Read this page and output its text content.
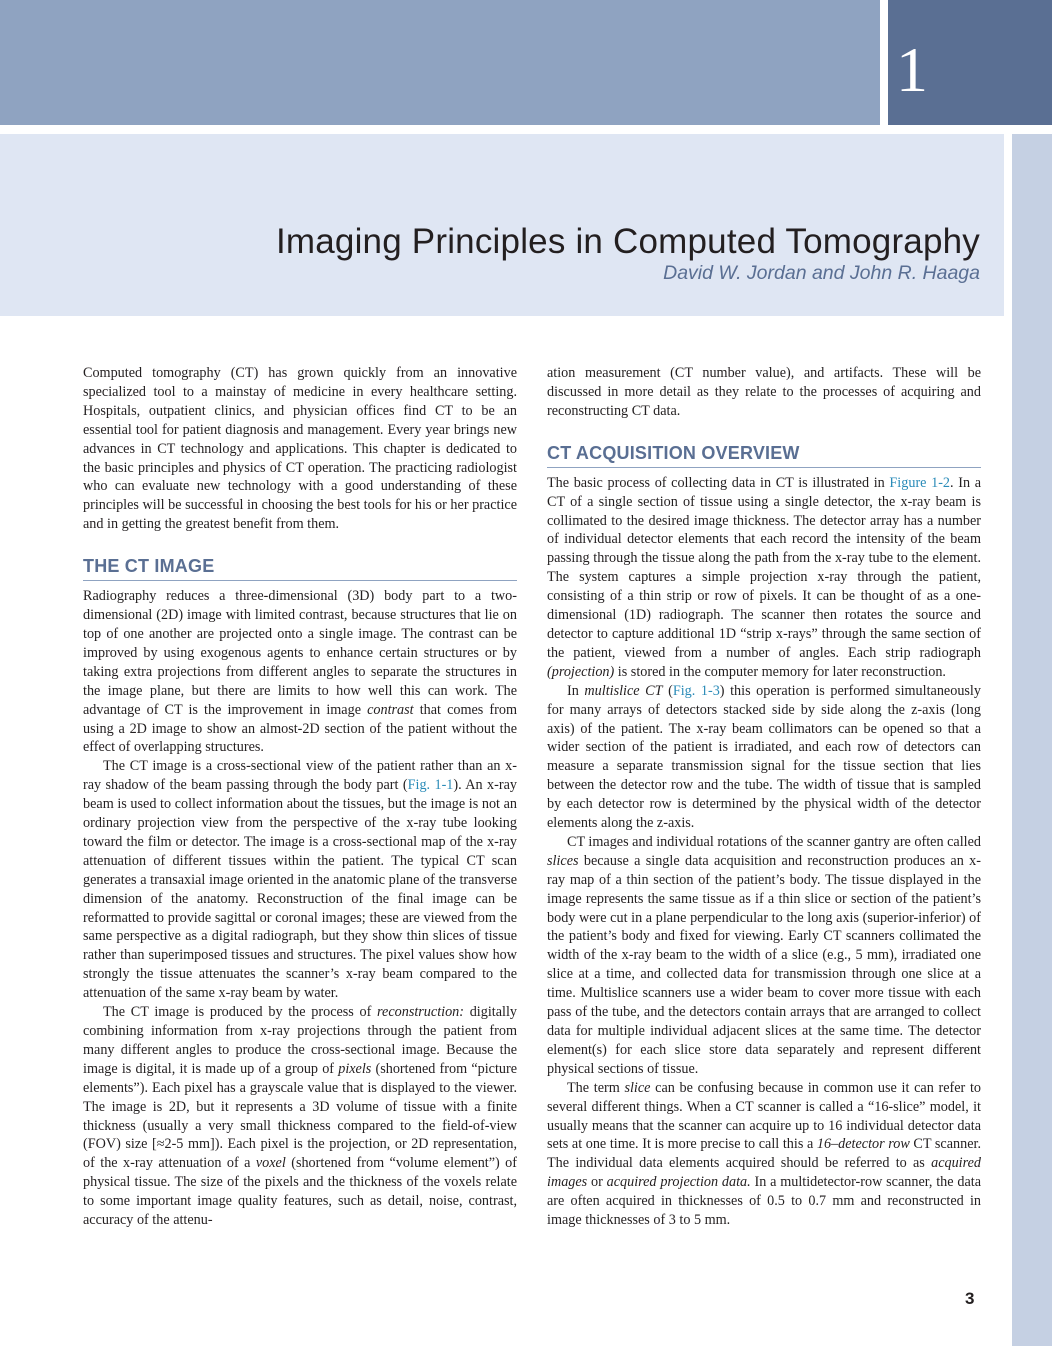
1
Imaging Principles in Computed Tomography
David W. Jordan and John R. Haaga

Computed tomography (CT) has grown quickly from an innovative specialized tool to a mainstay of medicine in every healthcare setting. Hospitals, outpatient clinics, and physician offices find CT to be an essential tool for patient diagnosis and management. Every year brings new advances in CT technology and applications. This chapter is dedicated to the basic principles and physics of CT operation. The practicing radiologist who can evaluate new technology with a good understanding of these principles will be successful in choosing the best tools for his or her practice and in getting the greatest benefit from them.

THE CT IMAGE

Radiography reduces a three-dimensional (3D) body part to a two-dimensional (2D) image with limited contrast, because structures that lie on top of one another are projected onto a single image. The contrast can be improved by using exogenous agents to enhance certain structures or by taking extra projections from different angles to separate the structures in the image plane, but there are limits to how well this can work. The advantage of CT is the improvement in image contrast that comes from using a 2D image to show an almost-2D section of the patient without the effect of overlapping structures.

The CT image is a cross-sectional view of the patient rather than an x-ray shadow of the beam passing through the body part (Fig. 1-1). An x-ray beam is used to collect information about the tissues, but the image is not an ordinary projection view from the perspective of the x-ray tube looking toward the film or detector. The image is a cross-sectional map of the x-ray attenuation of different tissues within the patient. The typical CT scan generates a transaxial image oriented in the anatomic plane of the transverse dimension of the anatomy. Reconstruction of the final image can be reformatted to provide sagittal or coronal images; these are viewed from the same perspective as a digital radiograph, but they show thin slices of tissue rather than superimposed tissues and structures. The pixel values show how strongly the tissue attenuates the scanner’s x-ray beam compared to the attenuation of the same x-ray beam by water.

The CT image is produced by the process of reconstruction: digitally combining information from x-ray projections through the patient from many different angles to produce the cross-sectional image. Because the image is digital, it is made up of a group of pixels (shortened from “picture elements”). Each pixel has a grayscale value that is displayed to the viewer. The image is 2D, but it represents a 3D volume of tissue with a finite thickness (usually a very small thickness compared to the field-of-view (FOV) size [≈2-5 mm]). Each pixel is the projection, or 2D representation, of the x-ray attenuation of a voxel (shortened from “volume element”) of physical tissue. The size of the pixels and the thickness of the voxels relate to some important image quality features, such as detail, noise, contrast, accuracy of the attenu-

ation measurement (CT number value), and artifacts. These will be discussed in more detail as they relate to the processes of acquiring and reconstructing CT data.

CT ACQUISITION OVERVIEW

The basic process of collecting data in CT is illustrated in Figure 1-2. In a CT of a single section of tissue using a single detector, the x-ray beam is collimated to the desired image thickness. The detector array has a number of individual detector elements that each record the intensity of the beam passing through the tissue along the path from the x-ray tube to the element. The system captures a simple projection x-ray through the patient, consisting of a thin strip or row of pixels. It can be thought of as a one-dimensional (1D) radiograph. The scanner then rotates the source and detector to capture additional 1D “strip x-rays” through the same section of the patient, viewed from a number of angles. Each strip radiograph (projection) is stored in the computer memory for later reconstruction.

In multislice CT (Fig. 1-3) this operation is performed simultaneously for many arrays of detectors stacked side by side along the z-axis (long axis) of the patient. The x-ray beam collimators can be opened so that a wider section of the patient is irradiated, and each row of detectors can measure a separate transmission signal for the tissue section that lies between the detector row and the tube. The width of tissue that is sampled by each detector row is determined by the physical width of the detector elements along the z-axis.

CT images and individual rotations of the scanner gantry are often called slices because a single data acquisition and reconstruction produces an x-ray map of a thin section of the patient’s body. The tissue displayed in the image represents the same tissue as if a thin slice or section of the patient’s body were cut in a plane perpendicular to the long axis (superior-inferior) of the patient’s body and fixed for viewing. Early CT scanners collimated the width of the x-ray beam to the width of a slice (e.g., 5 mm), irradiated one slice at a time, and collected data for transmission through one slice at a time. Multislice scanners use a wider beam to cover more tissue with each pass of the tube, and the detectors contain arrays that are arranged to collect data for multiple individual adjacent slices at the same time. The detector element(s) for each slice store data separately and represent different physical sections of tissue.

The term slice can be confusing because in common use it can refer to several different things. When a CT scanner is called a “16-slice” model, it usually means that the scanner can acquire up to 16 individual detector data sets at one time. It is more precise to call this a 16–detector row CT scanner. The individual data elements acquired should be referred to as acquired images or acquired projection data. In a multidetector-row scanner, the data are often acquired in thicknesses of 0.5 to 0.7 mm and reconstructed in image thicknesses of 3 to 5 mm.

3
